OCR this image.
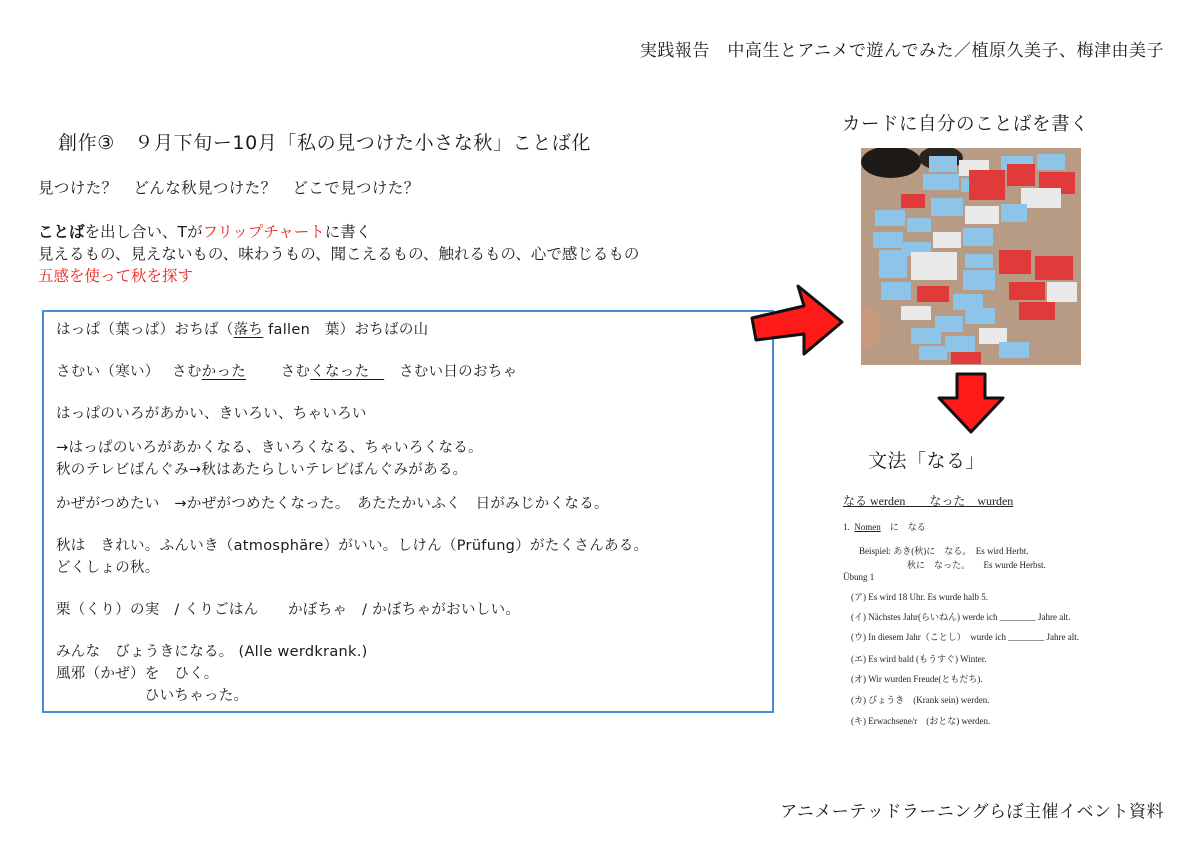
実践報告　中高生とアニメで遊んでみた／植原久美子、梅津由美子
創作③　９月下旬ー10月「私の見つけた小さな秋」ことば化
見つけた？　どんな秋見つけた？　どこで見つけた？
ことばを出し合い、Tがフリップチャートに書く
見えるもの、見えないもの、味わうもの、聞こえるもの、触れるもの、心で感じるもの
五感を使って秋を探す
はっぱ（葉っぱ）おちば（落ち fallen　葉）おちばの山
さむい（寒い）　 さむかった　　 さむくなった　　さむい日のおちゃ
はっぱのいろがあかい、きいろい、ちゃいろい
→はっぱのいろがあかくなる、きいろくなる、ちゃいろくなる。
秋のテレビばんぐみ→秋はあたらしいテレビばんぐみがある。
かぜがつめたい　→かぜがつめたくなった。　あたたかいふく　日がみじかくなる。
秋は　きれい。ふんいき（atmosphäre）がいい。しけん（Prüfung）がたくさんある。
どくしょの秋。
栗（くり）の実　/ くりごはん　　かぼちゃ　/ かぼちゃがおいしい。
みんな　びょうきになる。 (Alle werdkrank.)
風邪（かぜ）を　ひく。
　　　　　　ひいちゃった。
カードに自分のことばを書く
文法「なる」
なる werden　　なった　wurden
1. Nomen に　なる
Beispiel: あき(秋)に　なる。　Es wird Herbt.
秋に　なった。　　Es wurde Herbst.
Übung 1
(ア) Es wird 18 Uhr. Es wurde halb 5.
(イ) Nächstes Jahr(らいねん) werde ich ________ Jahre alt.
(ウ) In diesem Jahr（ことし）  wurde ich ________ Jahre alt.
(エ) Es wird bald (もうすぐ) Winter.
(オ) Wir wurden Freude(ともだち).
(カ) びょうき　(Krank sein) werden.
(キ) Erwachsene/r　(おとな) werden.
アニメーテッドラーニングらぼ主催イベント資料
